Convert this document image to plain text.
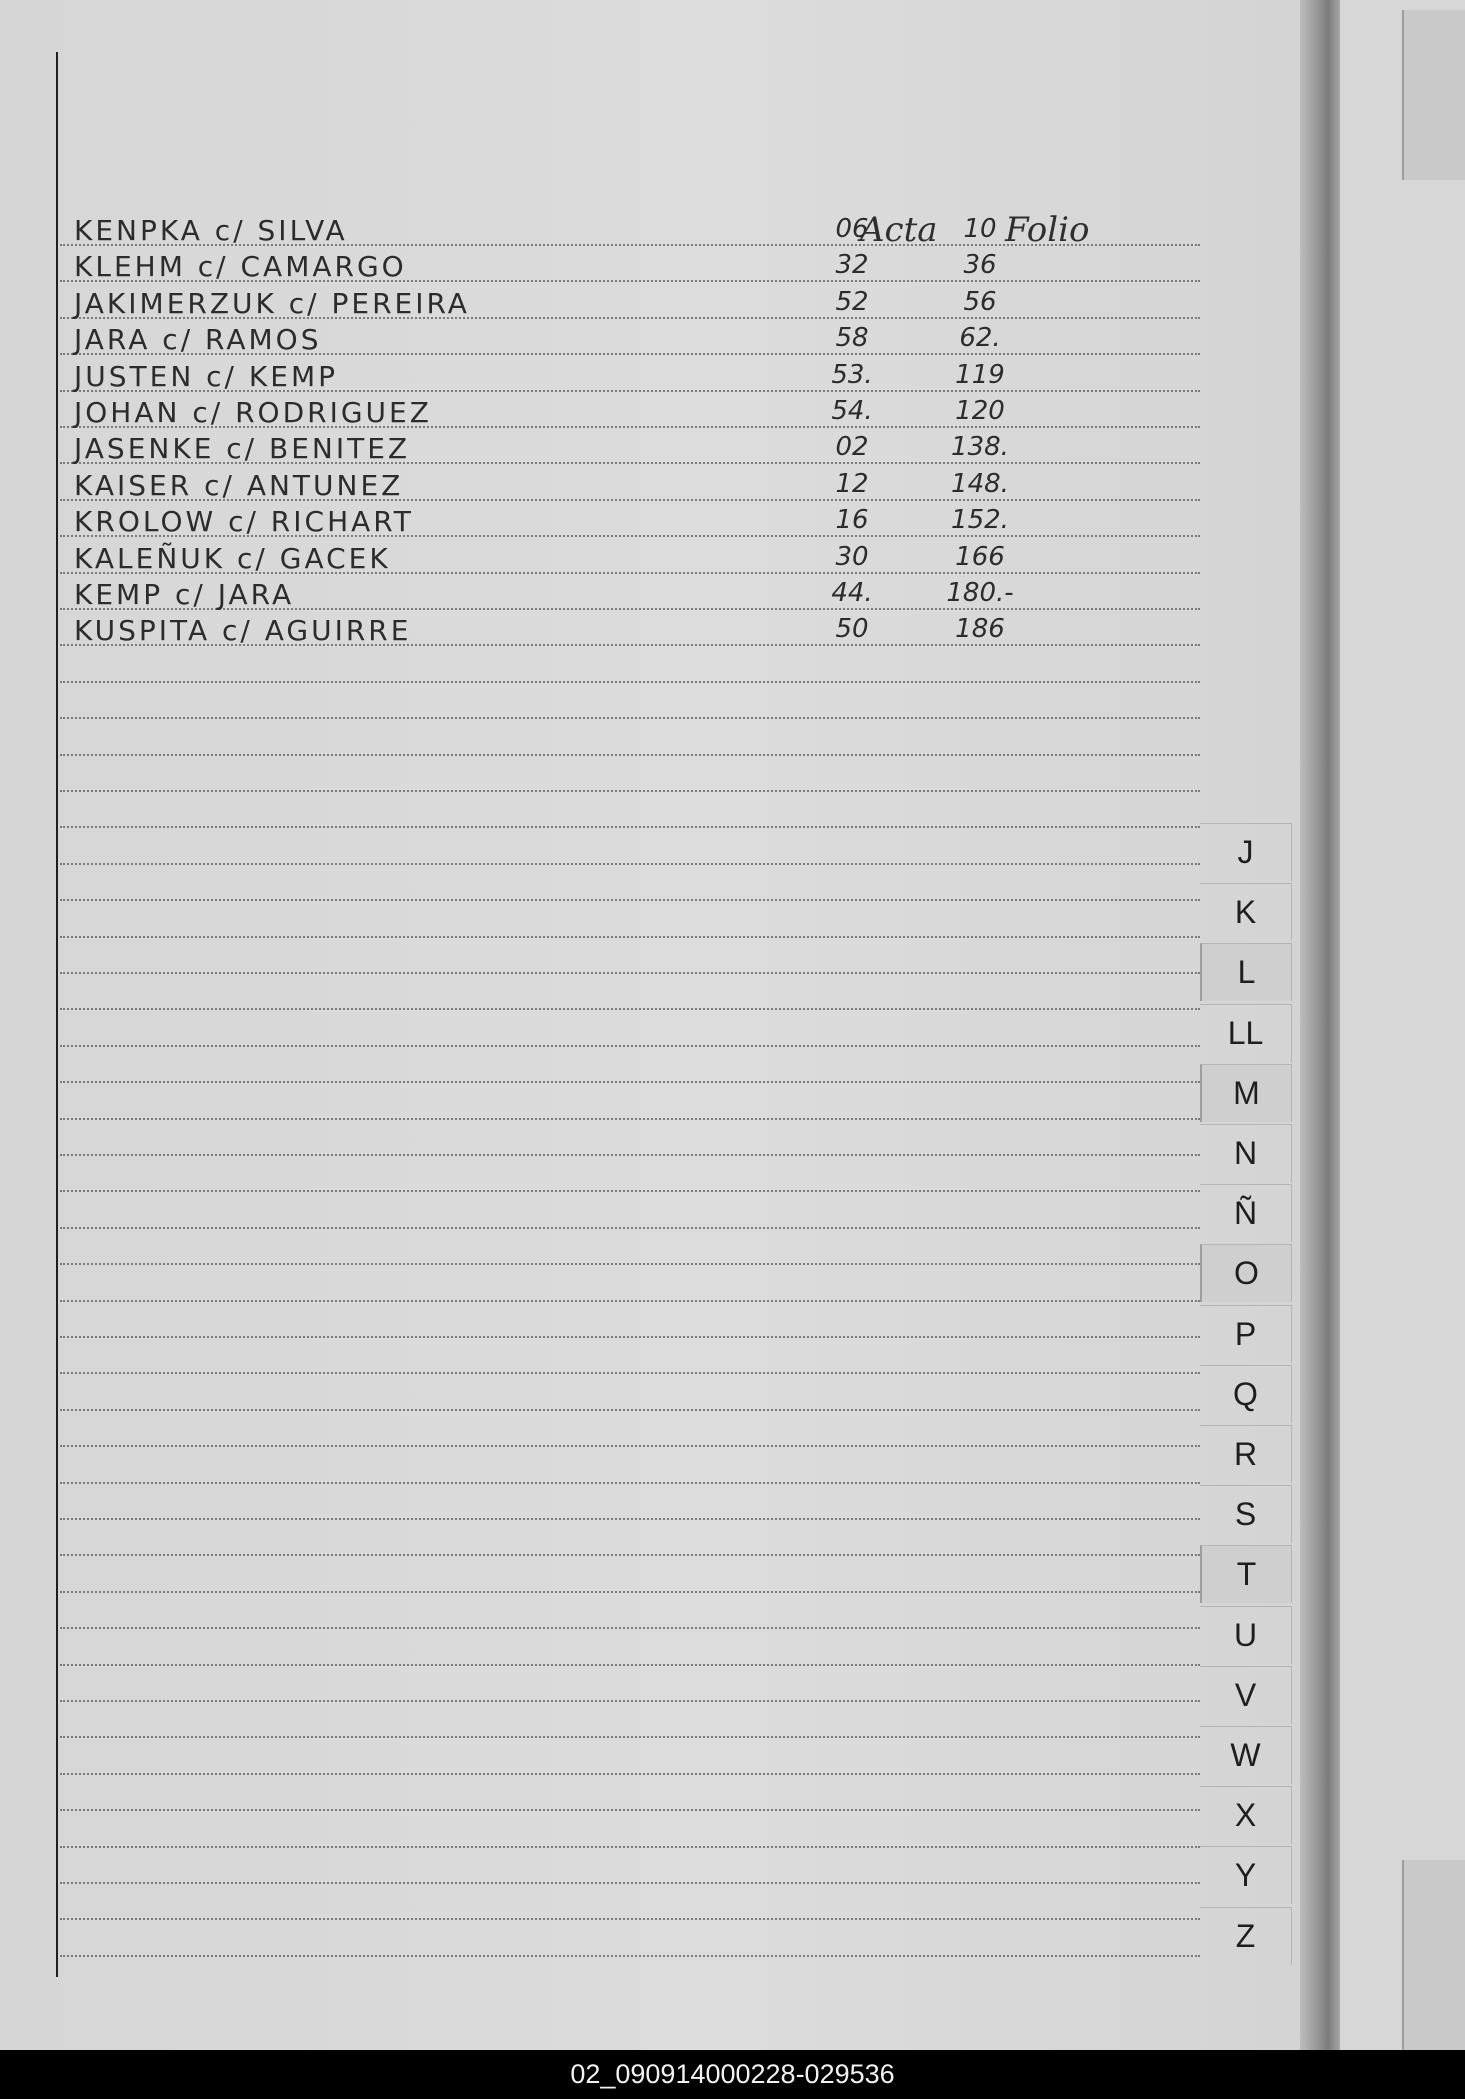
Acta Folio
KENPKA c/ SILVA	06	10
KLEHM c/ CAMARGO	32	36
JAKIMERZUK c/ PEREIRA	52	56
JARA c/ RAMOS	58	62.
JUSTEN c/ KEMP	53.	119
JOHAN c/ RODRIGUEZ	54.	120
JASENKE c/ BENITEZ	02	138.
KAISER c/ ANTUNEZ	12	148.
KROLOW c/ RICHART	16	152.
KALEÑUK c/ GACEK	30	166
KEMP c/ JARA	44.	180.-
KUSPITA c/ AGUIRRE	50	186
J
K
L
LL
M
N
Ñ
O
P
Q
R
S
T
U
V
W
X
Y
Z
02_090914000228-029536
